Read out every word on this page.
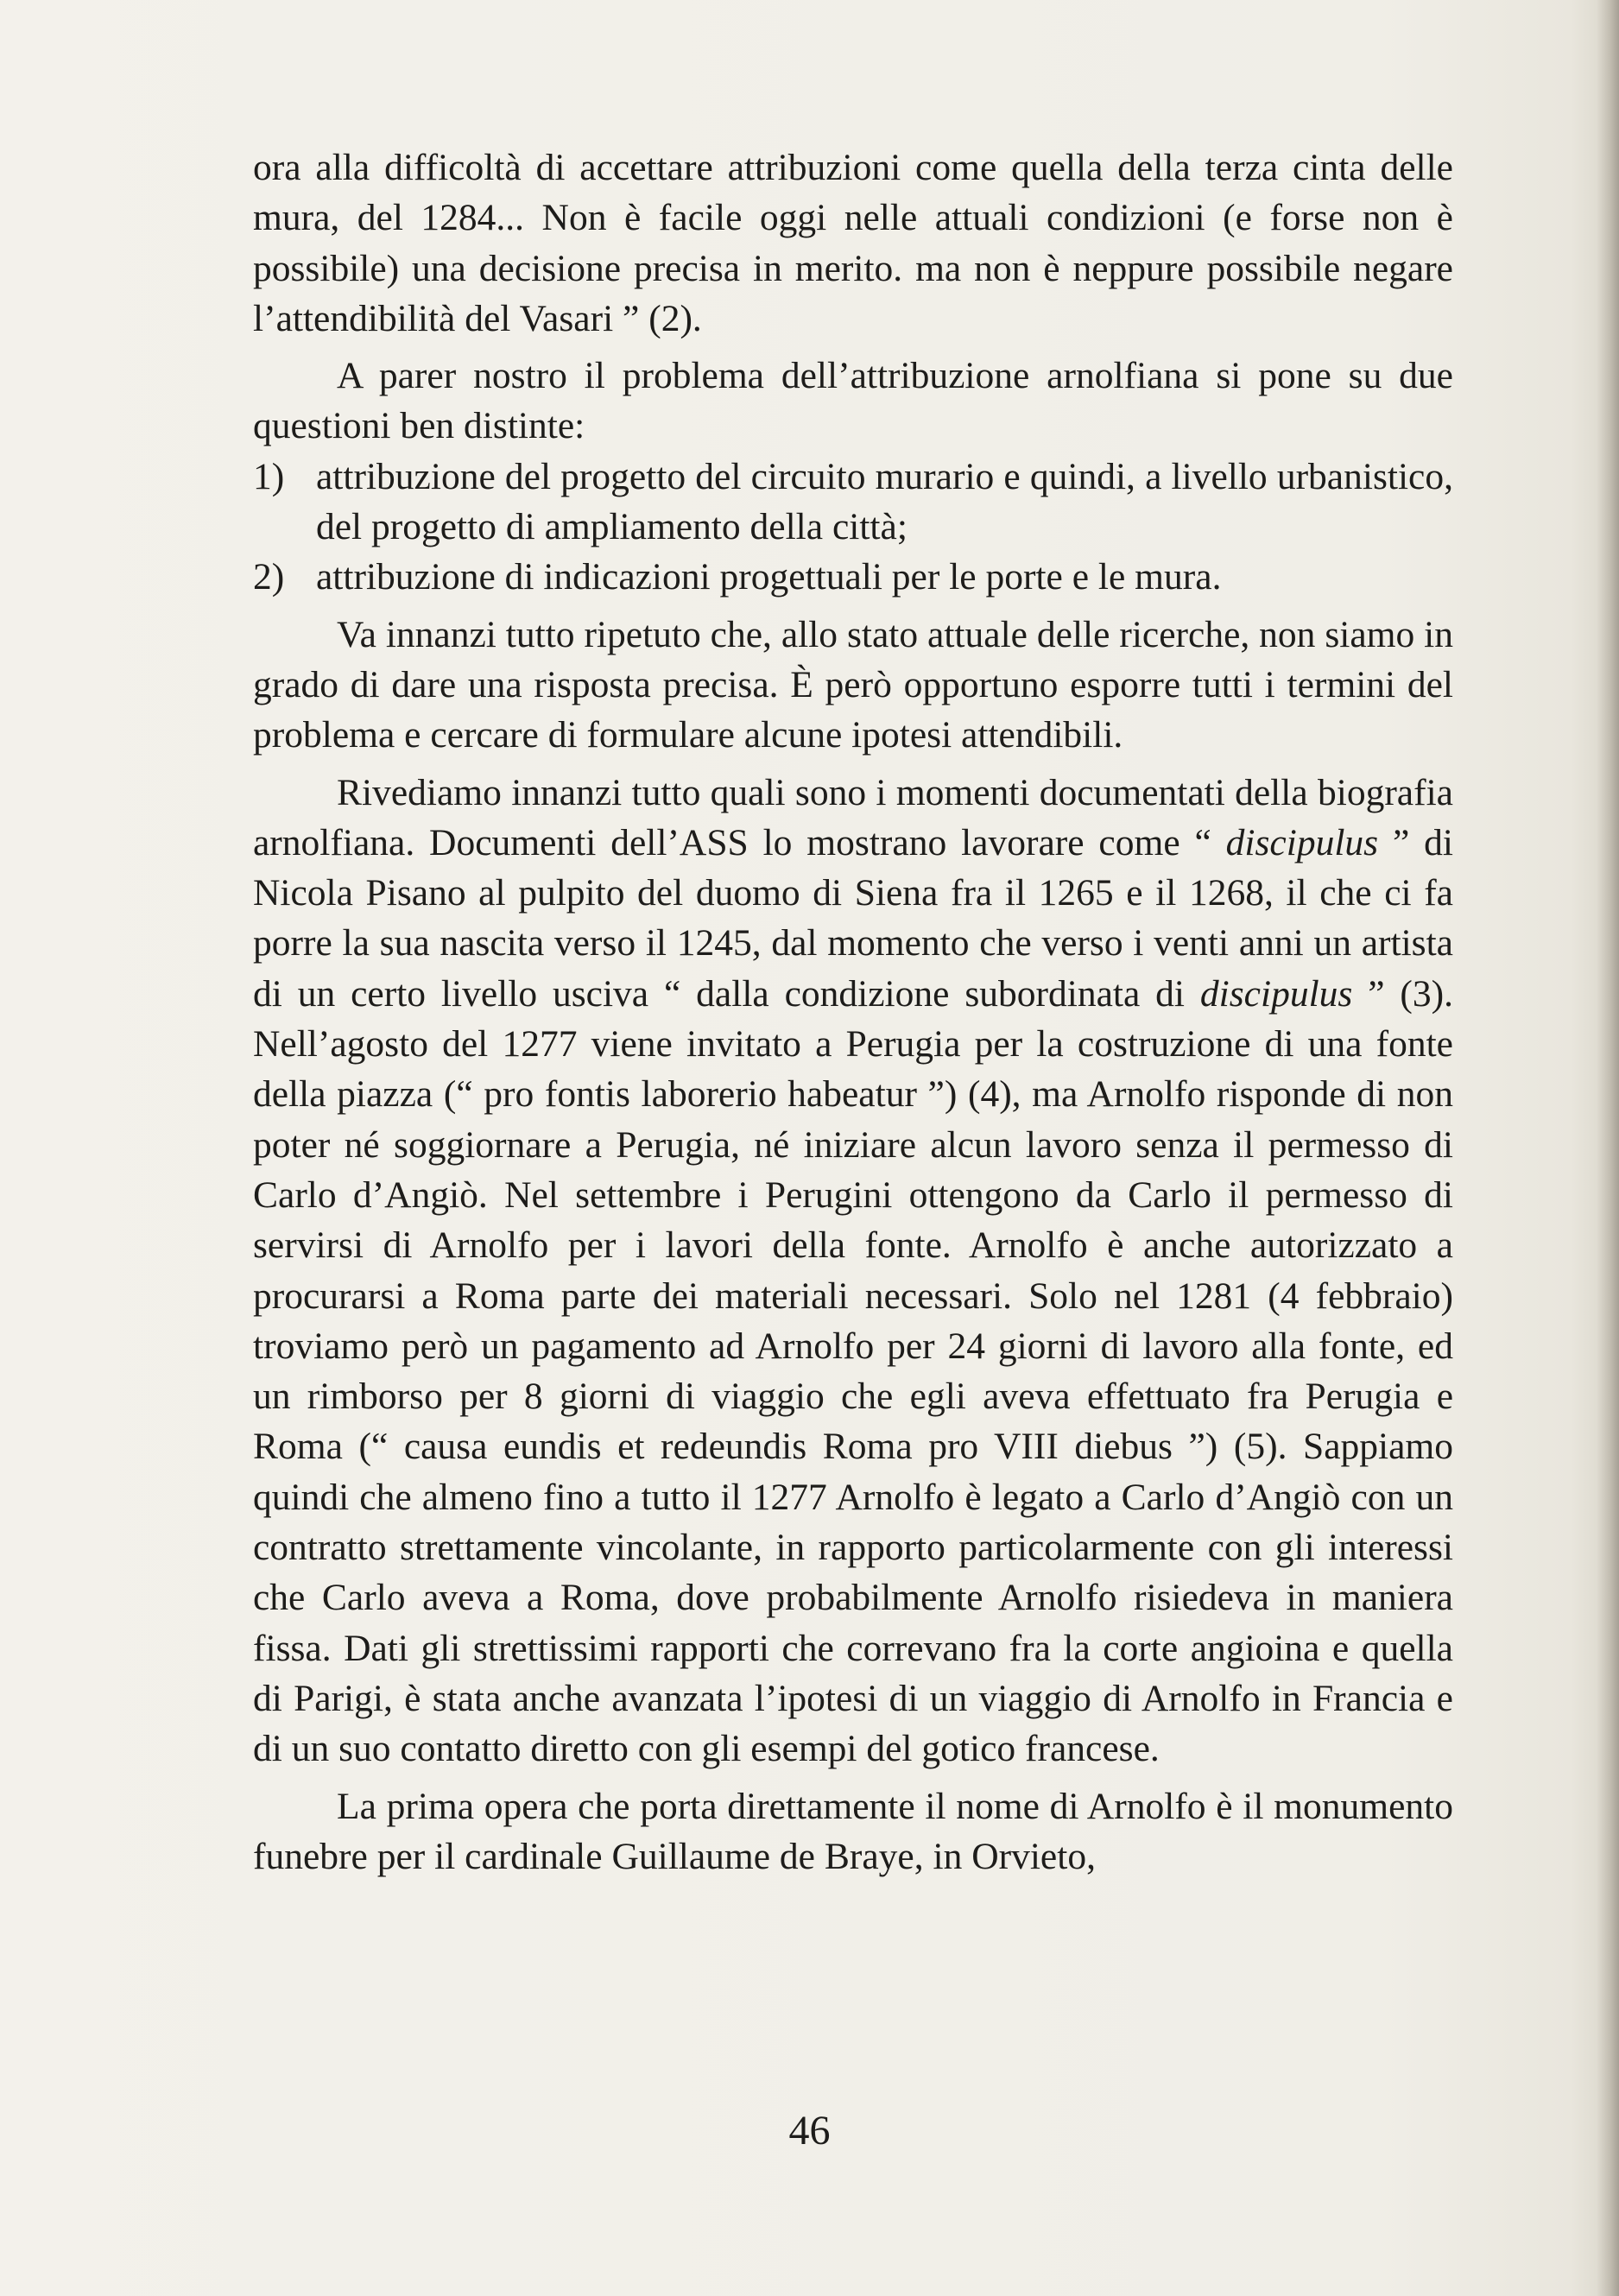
ora alla difficoltà di accettare attribuzioni come quella della terza cinta delle mura, del 1284... Non è facile oggi nelle attuali condizioni (e forse non è possibile) una decisione precisa in merito. ma non è neppure possibile negare l’attendibilità del Vasari ” (2).

A parer nostro il problema dell’attribuzione arnolfiana si pone su due questioni ben distinte:

1) attribuzione del progetto del circuito murario e quindi, a livello urbanistico, del progetto di ampliamento della città;
2) attribuzione di indicazioni progettuali per le porte e le mura.

Va innanzi tutto ripetuto che, allo stato attuale delle ricerche, non siamo in grado di dare una risposta precisa. È però opportuno esporre tutti i termini del problema e cercare di formulare alcune ipotesi attendibili.

Rivediamo innanzi tutto quali sono i momenti documentati della biografia arnolfiana. Documenti dell’ASS lo mostrano lavorare come “ discipulus ” di Nicola Pisano al pulpito del duomo di Siena fra il 1265 e il 1268, il che ci fa porre la sua nascita verso il 1245, dal momento che verso i venti anni un artista di un certo livello usciva “ dalla condizione subordinata di discipulus ” (3). Nell’agosto del 1277 viene invitato a Perugia per la costruzione di una fonte della piazza (“ pro fontis laborerio habeatur ”) (4), ma Arnolfo risponde di non poter né soggiornare a Perugia, né iniziare alcun lavoro senza il permesso di Carlo d’Angiò. Nel settembre i Perugini ottengono da Carlo il permesso di servirsi di Arnolfo per i lavori della fonte. Arnolfo è anche autorizzato a procurarsi a Roma parte dei materiali necessari. Solo nel 1281 (4 febbraio) troviamo però un pagamento ad Arnolfo per 24 giorni di lavoro alla fonte, ed un rimborso per 8 giorni di viaggio che egli aveva effettuato fra Perugia e Roma (“ causa eundis et redeundis Roma pro VIII diebus ”) (5). Sappiamo quindi che almeno fino a tutto il 1277 Arnolfo è legato a Carlo d’Angiò con un contratto strettamente vincolante, in rapporto particolarmente con gli interessi che Carlo aveva a Roma, dove probabilmente Arnolfo risiedeva in maniera fissa. Dati gli strettissimi rapporti che correvano fra la corte angioina e quella di Parigi, è stata anche avanzata l’ipotesi di un viaggio di Arnolfo in Francia e di un suo contatto diretto con gli esempi del gotico francese.

La prima opera che porta direttamente il nome di Arnolfo è il monumento funebre per il cardinale Guillaume de Braye, in Orvieto,

46
